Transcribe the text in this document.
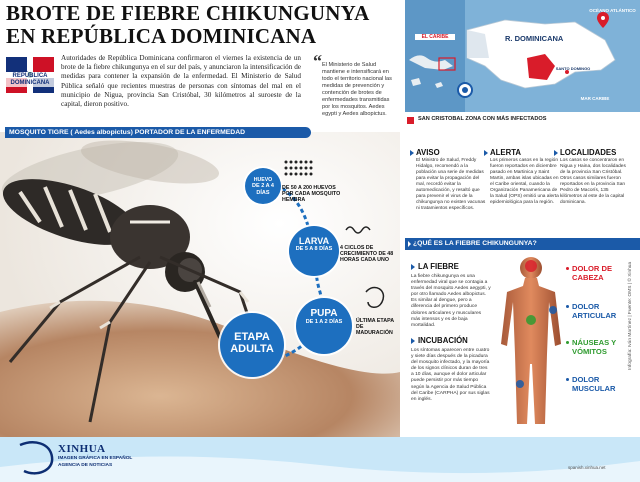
BROTE DE FIEBRE CHIKUNGUNYA
EN REPÚBLICA DOMINICANA
REPÚBLICA DOMINICANA

Autoridades de República Dominicana confirmaron el viernes la existencia de un brote de la fiebre chikungunya en el sur del país, y anunciaron la intensificación de medidas para contener la expansión de la enfermedad. El Ministerio de Salud Pública señaló que recientes muestras de personas con síntomas del mal en el municipio de Nigua, provincia San Cristóbal, 30 kilómetros al suroeste de la capital, dieron positivo.

“ El Ministerio de Salud mantiene e intensificará en todo el territorio nacional las medidas de prevención y contención de brotes de enfermedades transmitidas por los mosquitos. Aedes egypti y Aedes albopictus.
EL CARIBE	R. DOMINICANA
OCÉANO ATLÁNTICO
MAR CARIBE
SANTO DOMINGO
SAN CRISTOBAL ZONA CON MÁS INFECTADOS
MOSQUITO TIGRE ( Aedes albopictus) PORTADOR DE LA ENFERMEDAD
HUEVO
DE 2 A 4 DÍAS
DE 50 A 200 HUEVOS POR CADA MOSQUITO HEMBRA
LARVA
DE 5 A 8 DÍAS	4 CICLOS DE CRECIMIENTO DE 48 HORAS CADA UNO
PUPA
DE 1 A 2 DÍAS	ÚLTIMA ETAPA DE MADURACIÓN
ETAPA ADULTA
AVISO

El Ministro de Salud, Freddy Hidalgo, recomendó a la población una serie de medidas para evitar la propagación del mal, recordó evitar la automedicación, y resaltó que para prevenir el virus de la chikungunya no existen vacunas ni tratamientos específicos.

ALERTA

Los primeros casos en la región fueron reportados en diciembre pasado en Martinica y Saint Martin, ambas islas ubicadas en el Caribe oriental, cuando la Organización Panamericana de la Salud (OPS) emitió una alerta epidemiológica para la región.

LOCALIDADES

Los casos se concentraron en Nigua y Haina, dos localidades de la provincia San Cristóbal. Otros casos similares fueron reportados en la provincia San Pedro de Macorís, 135 kilómetros al este de la capital dominicana.

¿QUÉ ES LA FIEBRE CHIKUNGUNYA?
LA FIEBRE

La fiebre chikungunya es una enfermedad viral que se contagia a través del mosquito Aedes aegypti, y por otro llamado Aedes albopictus. Es similar al dengue, pero a diferencia del primero produce dolores articulares y musculares más intensos y es de baja mortalidad.

INCUBACIÓN

Los síntomas aparecen entre cuatro y siete días después de la picadura del mosquito infectado, y la mayoría de los signos clínicos duran de tres a 10 días, aunque el dolor articular puede persistir por más tiempo según la Agencia de Salud Pública del Caribe (CARPHA) por sus siglas en inglés.

DOLOR DE CABEZA
DOLOR ARTICULAR
NÁUSEAS Y VÓMITOS
DOLOR MUSCULAR
Infografía: Iván Martínez | Fuente: OMS | © Xinhua
XINHUA
IMAGEN GRÁFICA EN ESPAÑOL
AGENCIA DE NOTICIAS	spanish.xinhua.net
